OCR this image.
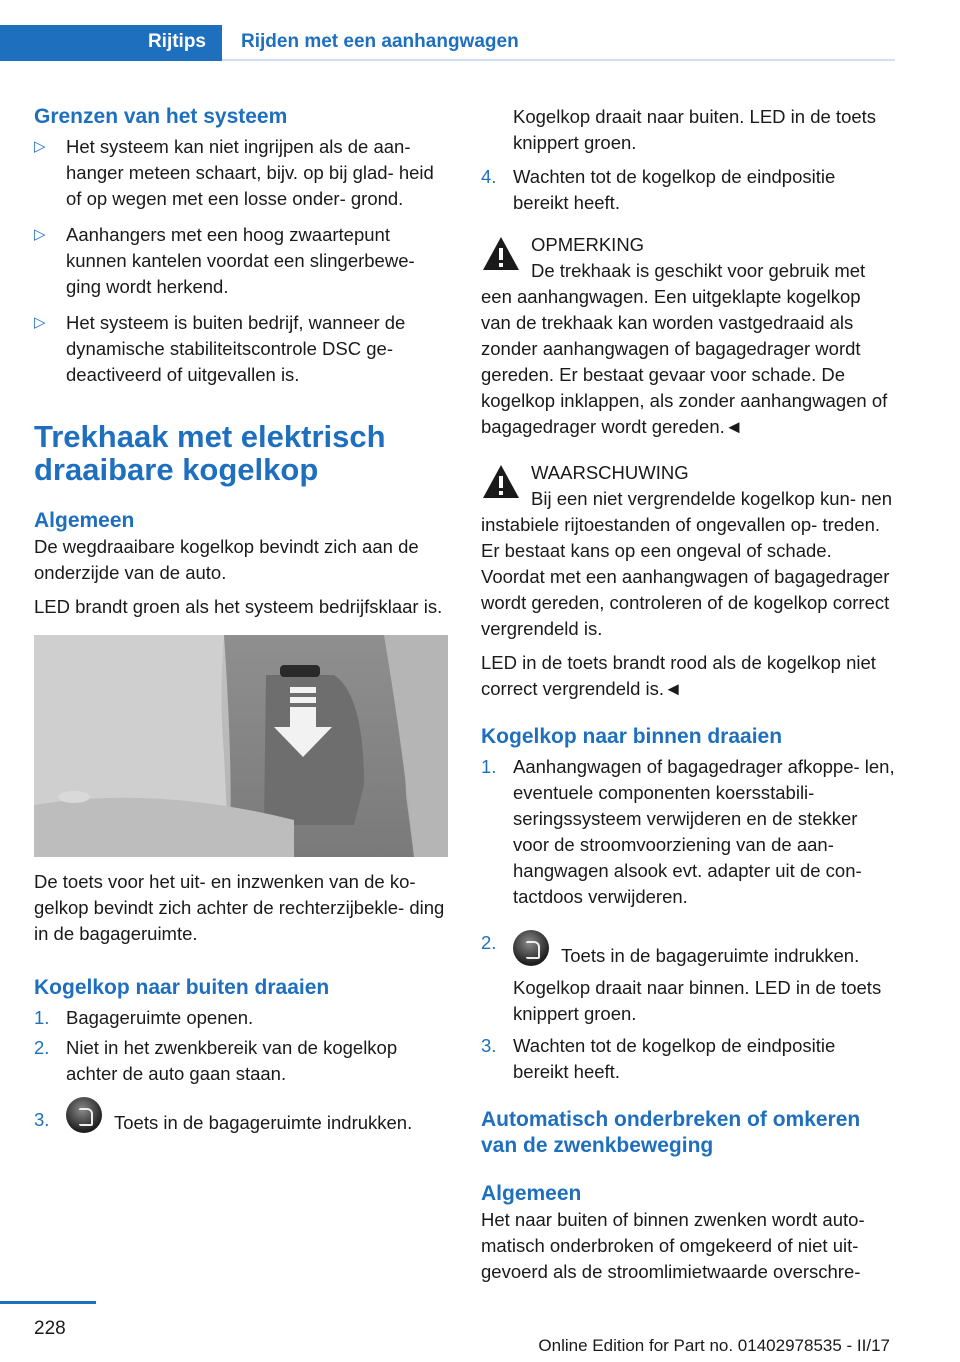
Rijtips Rijden met een aanhangwagen
Grenzen van het systeem
▷ Het systeem kan niet ingrijpen als de aan‐ hanger meteen schaart, bijv. op bij glad‐ heid of op wegen met een losse onder‐ grond.
▷ Aanhangers met een hoog zwaartepunt kunnen kantelen voordat een slingerbewe‐ ging wordt herkend.
▷ Het systeem is buiten bedrijf, wanneer de dynamische stabiliteitscontrole DSC ge‐ deactiveerd of uitgevallen is.
Trekhaak met elektrisch draaibare kogelkop
Algemeen

De wegdraaibare kogelkop bevindt zich aan de onderzijde van de auto.

LED brandt groen als het systeem bedrijfsklaar is.

De toets voor het uit- en inzwenken van de ko‐ gelkop bevindt zich achter de rechterzijbekle‐ ding in de bagageruimte.

Kogelkop naar buiten draaien
1. Bagageruimte openen.
2. Niet in het zwenkbereik van de kogelkop achter de auto gaan staan.
3.	Toets in de bagageruimte indrukken.
Kogelkop draait naar buiten. LED in de toets knippert groen.
4. Wachten tot de kogelkop de eindpositie bereikt heeft.
OPMERKING
De trekhaak is geschikt voor gebruik met een aanhangwagen. Een uitgeklapte kogelkop van de trekhaak kan worden vastgedraaid als zonder aanhangwagen of bagagedrager wordt gereden. Er bestaat gevaar voor schade. De kogelkop inklappen, als zonder aanhangwagen of bagagedrager wordt gereden.◄
WAARSCHUWING
Bij een niet vergrendelde kogelkop kun‐ nen instabiele rijtoestanden of ongevallen op‐ treden. Er bestaat kans op een ongeval of schade. Voordat met een aanhangwagen of bagagedrager wordt gereden, controleren of de kogelkop correct vergrendeld is.

LED in de toets brandt rood als de kogelkop niet correct vergrendeld is.◄

Kogelkop naar binnen draaien
1. Aanhangwagen of bagagedrager afkoppe‐ len, eventuele componenten koersstabili‐ seringssysteem verwijderen en de stekker voor de stroomvoorziening van de aan‐ hangwagen alsook evt. adapter uit de con‐ tactdoos verwijderen.
2.
Toets in de bagageruimte indrukken.
Kogelkop draait naar binnen. LED in de toets knippert groen.
3. Wachten tot de kogelkop de eindpositie bereikt heeft.
Automatisch onderbreken of omkeren van de zwenkbeweging
Algemeen

Het naar buiten of binnen zwenken wordt auto‐ matisch onderbroken of omgekeerd of niet uit‐ gevoerd als de stroomlimietwaarde overschre‐

228
Online Edition for Part no. 01402978535 - II/17
